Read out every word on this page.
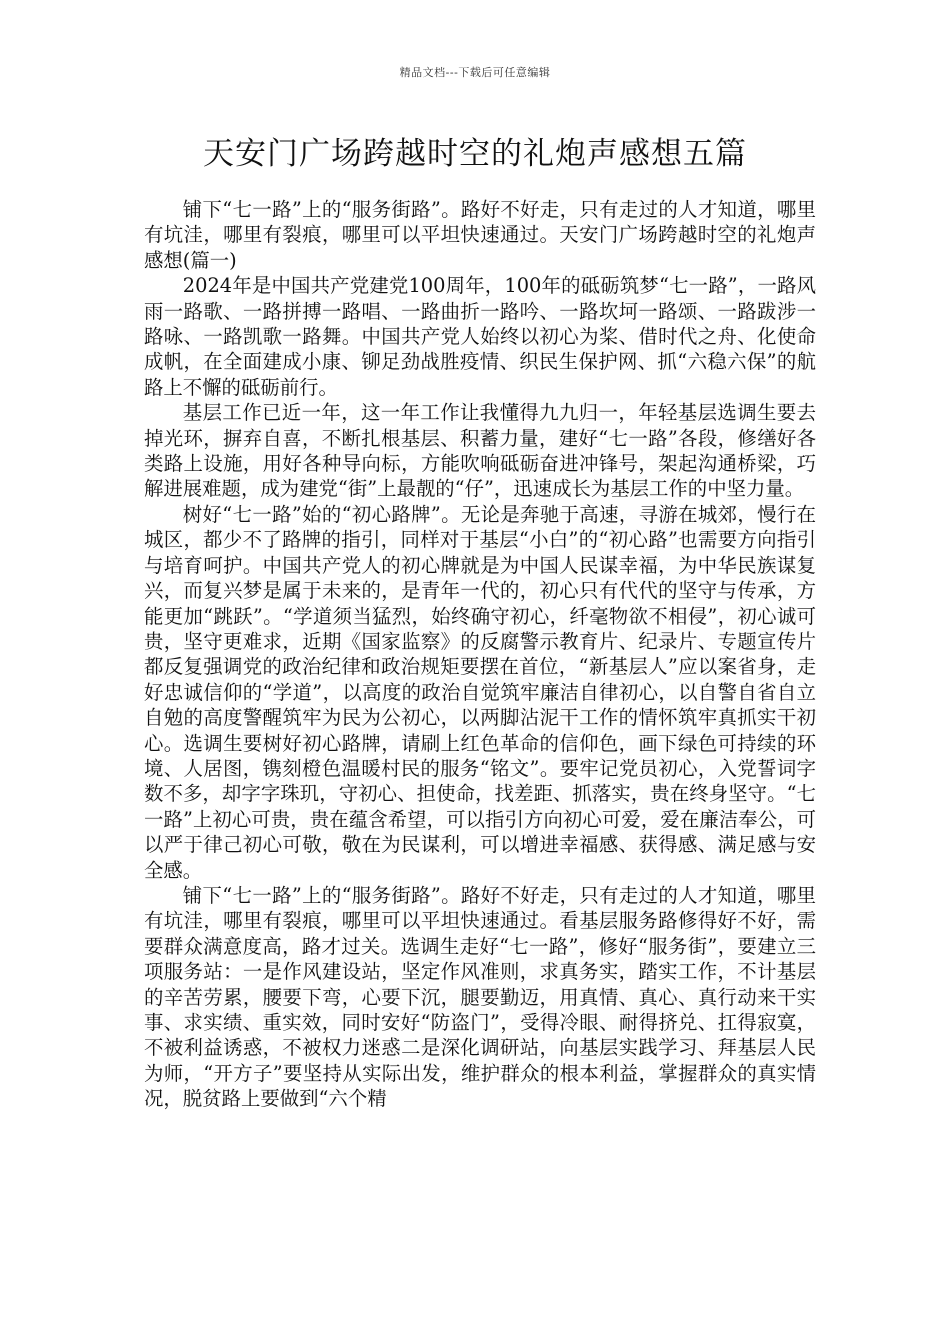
精品文档---下载后可任意编辑
天安门广场跨越时空的礼炮声感想五篇

铺下“七一路”上的“服务街路”。路好不好走，只有走过的人才知道，哪里有坑洼，哪里有裂痕，哪里可以平坦快速通过。天安门广场跨越时空的礼炮声感想(篇一)

2024年是中国共产党建党100周年，100年的砥砺筑梦“七一路”，一路风雨一路歌、一路拼搏一路唱、一路曲折一路吟、一路坎坷一路颂、一路跋涉一路咏、一路凯歌一路舞。中国共产党人始终以初心为桨、借时代之舟、化使命成帆，在全面建成小康、铆足劲战胜疫情、织民生保护网、抓“六稳六保”的航路上不懈的砥砺前行。

基层工作已近一年，这一年工作让我懂得九九归一，年轻基层选调生要去掉光环，摒弃自喜，不断扎根基层、积蓄力量，建好“七一路”各段，修缮好各类路上设施，用好各种导向标，方能吹响砥砺奋进冲锋号，架起沟通桥梁，巧解进展难题，成为建党“街”上最靓的“仔”，迅速成长为基层工作的中坚力量。

树好“七一路”始的“初心路牌”。无论是奔驰于高速，寻游在城郊，慢行在城区，都少不了路牌的指引，同样对于基层“小白”的“初心路”也需要方向指引与培育呵护。中国共产党人的初心牌就是为中国人民谋幸福，为中华民族谋复兴，而复兴梦是属于未来的，是青年一代的，初心只有代代的坚守与传承，方能更加“跳跃”。“学道须当猛烈，始终确守初心，纤毫物欲不相侵”，初心诚可贵，坚守更难求，近期《国家监察》的反腐警示教育片、纪录片、专题宣传片都反复强调党的政治纪律和政治规矩要摆在首位，“新基层人”应以案省身，走好忠诚信仰的“学道”，以高度的政治自觉筑牢廉洁自律初心，以自警自省自立自勉的高度警醒筑牢为民为公初心，以两脚沾泥干工作的情怀筑牢真抓实干初心。选调生要树好初心路牌，请刷上红色革命的信仰色，画下绿色可持续的环境、人居图，镌刻橙色温暖村民的服务“铭文”。要牢记党员初心，入党誓词字数不多，却字字珠玑，守初心、担使命，找差距、抓落实，贵在终身坚守。“七一路”上初心可贵，贵在蕴含希望，可以指引方向初心可爱，爱在廉洁奉公，可以严于律己初心可敬，敬在为民谋利，可以增进幸福感、获得感、满足感与安全感。

铺下“七一路”上的“服务街路”。路好不好走，只有走过的人才知道，哪里有坑洼，哪里有裂痕，哪里可以平坦快速通过。看基层服务路修得好不好，需要群众满意度高，路才过关。选调生走好“七一路”，修好“服务街”，要建立三项服务站：一是作风建设站，坚定作风准则，求真务实，踏实工作，不计基层的辛苦劳累，腰要下弯，心要下沉，腿要勤迈，用真情、真心、真行动来干实事、求实绩、重实效，同时安好“防盗门”，受得冷眼、耐得挤兑、扛得寂寞，不被利益诱惑，不被权力迷惑二是深化调研站，向基层实践学习、拜基层人民为师，“开方子”要坚持从实际出发，维护群众的根本利益，掌握群众的真实情况，脱贫路上要做到“六个精
